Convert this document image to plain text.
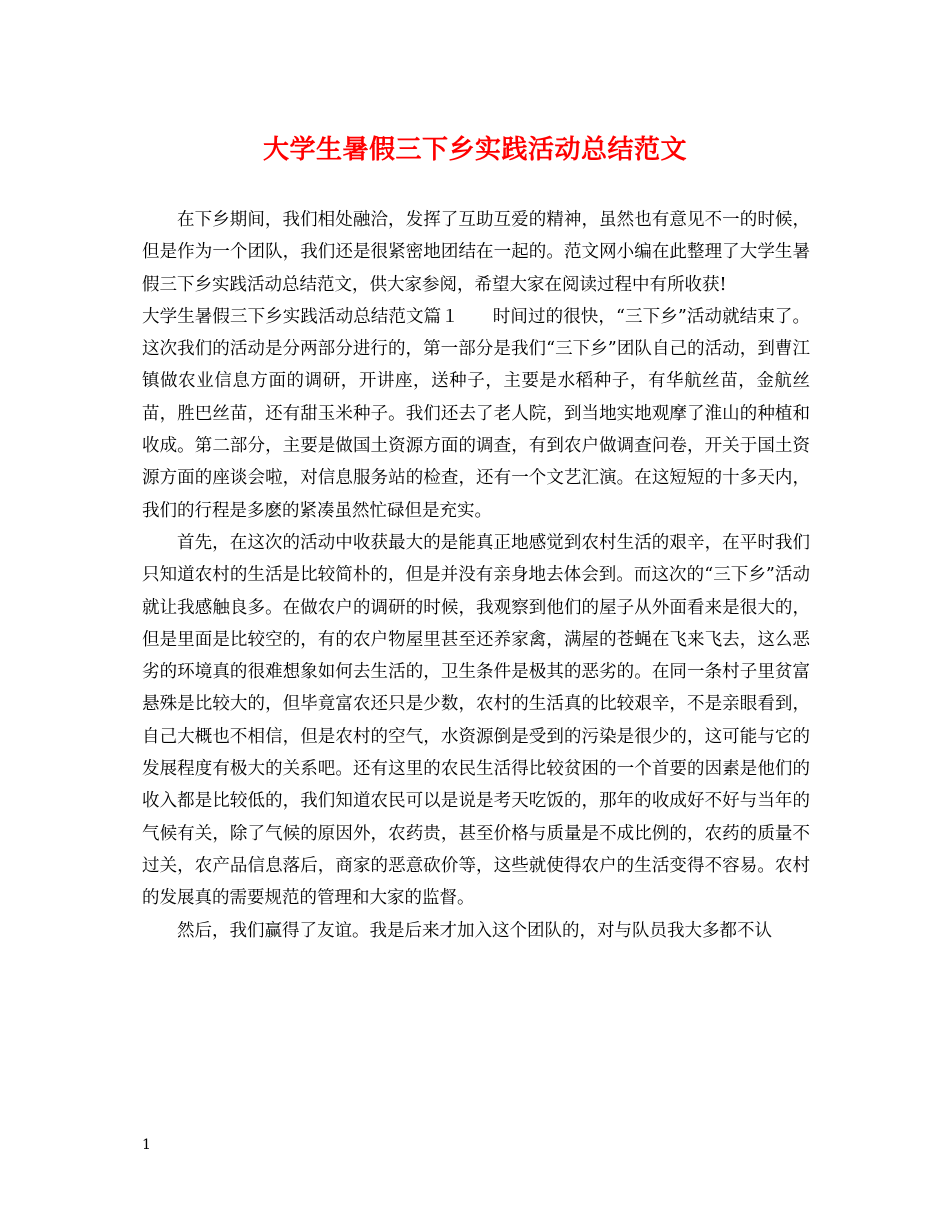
大学生暑假三下乡实践活动总结范文

在下乡期间，我们相处融洽，发挥了互助互爱的精神，虽然也有意见不一的时候，但是作为一个团队，我们还是很紧密地团结在一起的。范文网小编在此整理了大学生暑假三下乡实践活动总结范文，供大家参阅，希望大家在阅读过程中有所收获!

大学生暑假三下乡实践活动总结范文篇１ 时间过的很快，“三下乡”活动就结束了。这次我们的活动是分两部分进行的，第一部分是我们“三下乡”团队自己的活动，到曹江镇做农业信息方面的调研，开讲座，送种子，主要是水稻种子，有华航丝苗，金航丝苗，胜巴丝苗，还有甜玉米种子。我们还去了老人院，到当地实地观摩了淮山的种植和收成。第二部分，主要是做国土资源方面的调查，有到农户做调查问卷，开关于国土资源方面的座谈会啦，对信息服务站的检查，还有一个文艺汇演。在这短短的十多天内，我们的行程是多麽的紧凑虽然忙碌但是充实。

首先，在这次的活动中收获最大的是能真正地感觉到农村生活的艰辛，在平时我们只知道农村的生活是比较简朴的，但是并没有亲身地去体会到。而这次的“三下乡”活动就让我感触良多。在做农户的调研的时候，我观察到他们的屋子从外面看来是很大的，但是里面是比较空的，有的农户物屋里甚至还养家禽，满屋的苍蝇在飞来飞去，这么恶劣的环境真的很难想象如何去生活的，卫生条件是极其的恶劣的。在同一条村子里贫富悬殊是比较大的，但毕竟富农还只是少数，农村的生活真的比较艰辛，不是亲眼看到，自己大概也不相信，但是农村的空气，水资源倒是受到的污染是很少的，这可能与它的发展程度有极大的关系吧。还有这里的农民生活得比较贫困的一个首要的因素是他们的收入都是比较低的，我们知道农民可以是说是考天吃饭的，那年的收成好不好与当年的气候有关，除了气候的原因外，农药贵，甚至价格与质量是不成比例的，农药的质量不过关，农产品信息落后，商家的恶意砍价等，这些就使得农户的生活变得不容易。农村的发展真的需要规范的管理和大家的监督。

然后，我们赢得了友谊。我是后来才加入这个团队的，对与队员我大多都不认

1
